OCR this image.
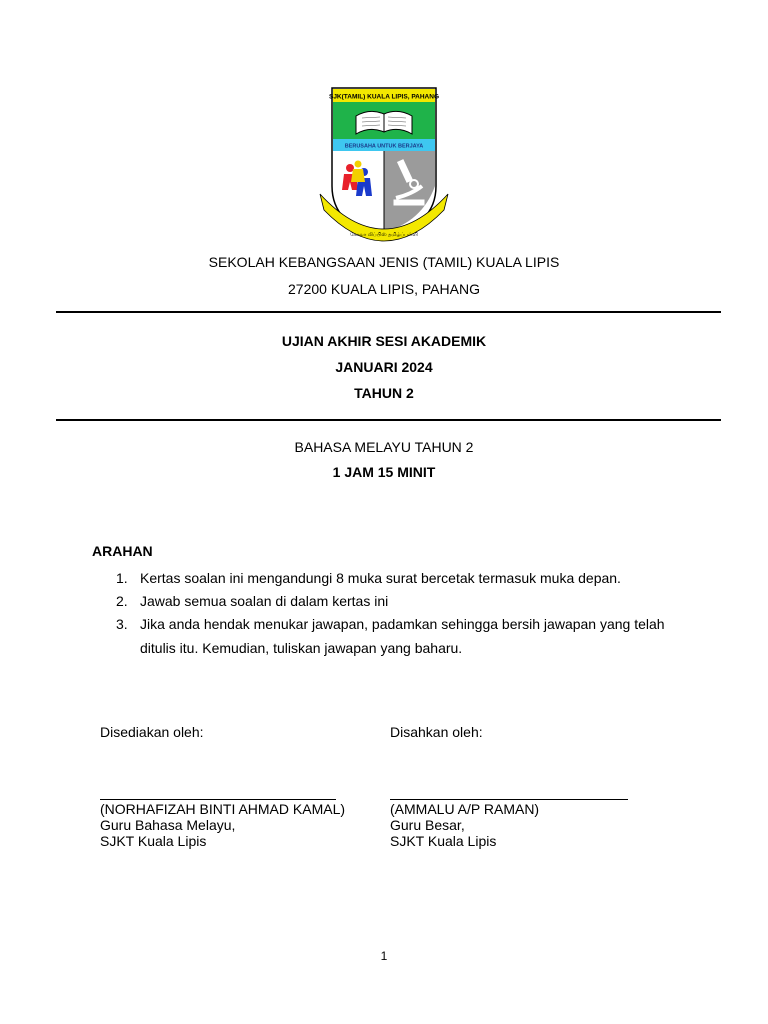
SJK(TAMIL) KUALA LIPIS, PAHANG
BERUSAHA UNTUK BERJAYA
கோலா லிப்பிஸ் தமிழ்ப்பள்ளி
SEKOLAH KEBANGSAAN JENIS (TAMIL) KUALA LIPIS
27200 KUALA LIPIS, PAHANG
UJIAN AKHIR SESI AKADEMIK
JANUARI 2024
TAHUN 2
BAHASA MELAYU TAHUN 2
1 JAM 15 MINIT
ARAHAN
1. Kertas soalan ini mengandungi 8 muka surat bercetak termasuk muka depan.
2. Jawab semua soalan di dalam kertas ini
3. Jika anda hendak menukar jawapan, padamkan sehingga bersih jawapan yang telah
ditulis itu. Kemudian, tuliskan jawapan yang baharu.
Disediakan oleh:	Disahkan oleh:
(NORHAFIZAH BINTI AHMAD KAMAL)
Guru Bahasa Melayu,
SJKT Kuala Lipis
(AMMALU A/P RAMAN)
Guru Besar,
SJKT Kuala Lipis
1
